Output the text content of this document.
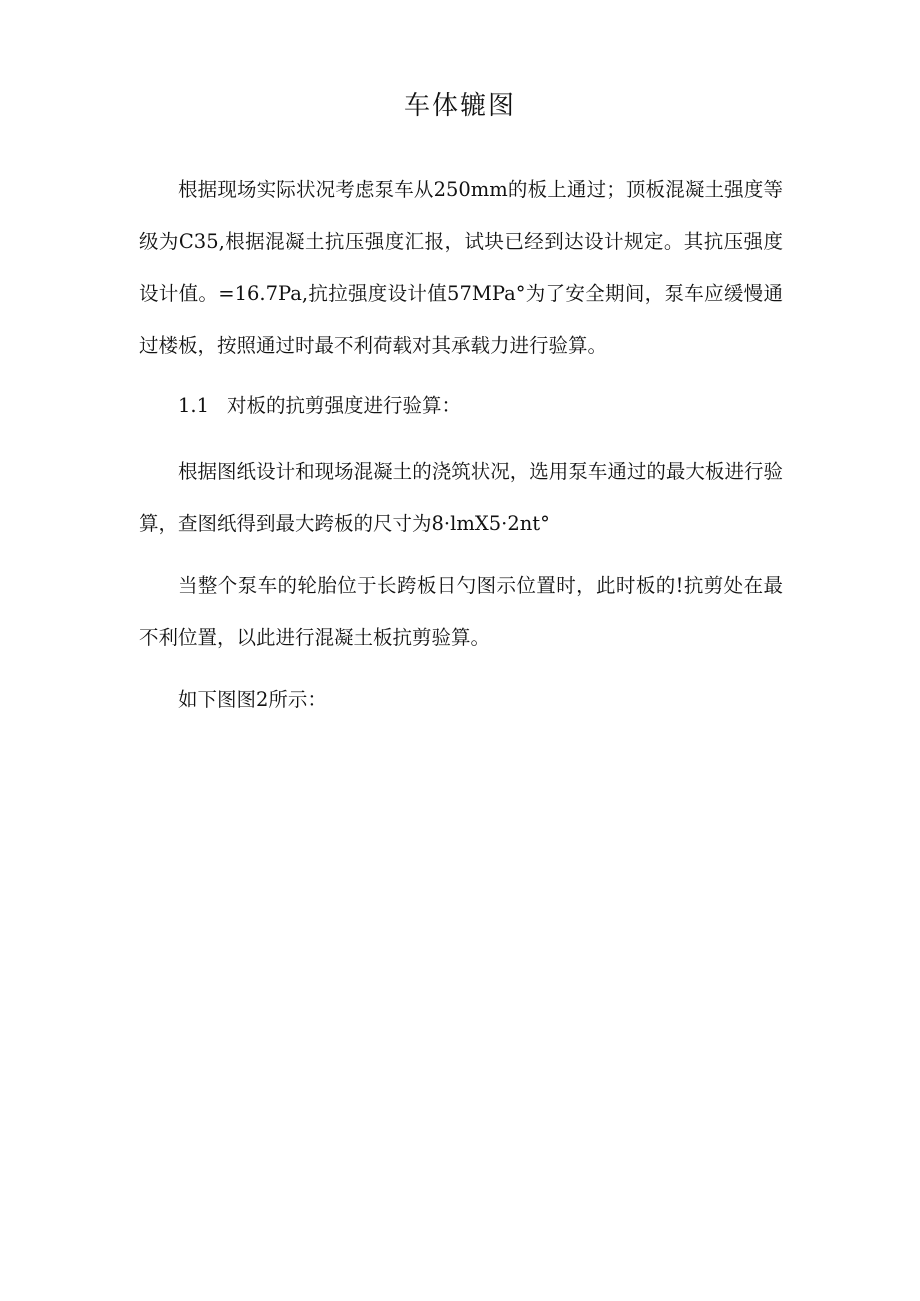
车体辘图

根据现场实际状况考虑泵车从250mm的板上通过；顶板混凝土强度等级为C35,根据混凝土抗压强度汇报，试块已经到达设计规定。其抗压强度设计值。=16.7Pa,抗拉强度设计值57MPa°为了安全期间，泵车应缓慢通过楼板，按照通过时最不利荷载对其承载力进行验算。

1.1 对板的抗剪强度进行验算：

根据图纸设计和现场混凝土的浇筑状况，选用泵车通过的最大板进行验算，查图纸得到最大跨板的尺寸为8·lmX5·2nt°

当整个泵车的轮胎位于长跨板日勺图示位置时，此时板的!抗剪处在最不利位置，以此进行混凝土板抗剪验算。

如下图图2所示：
